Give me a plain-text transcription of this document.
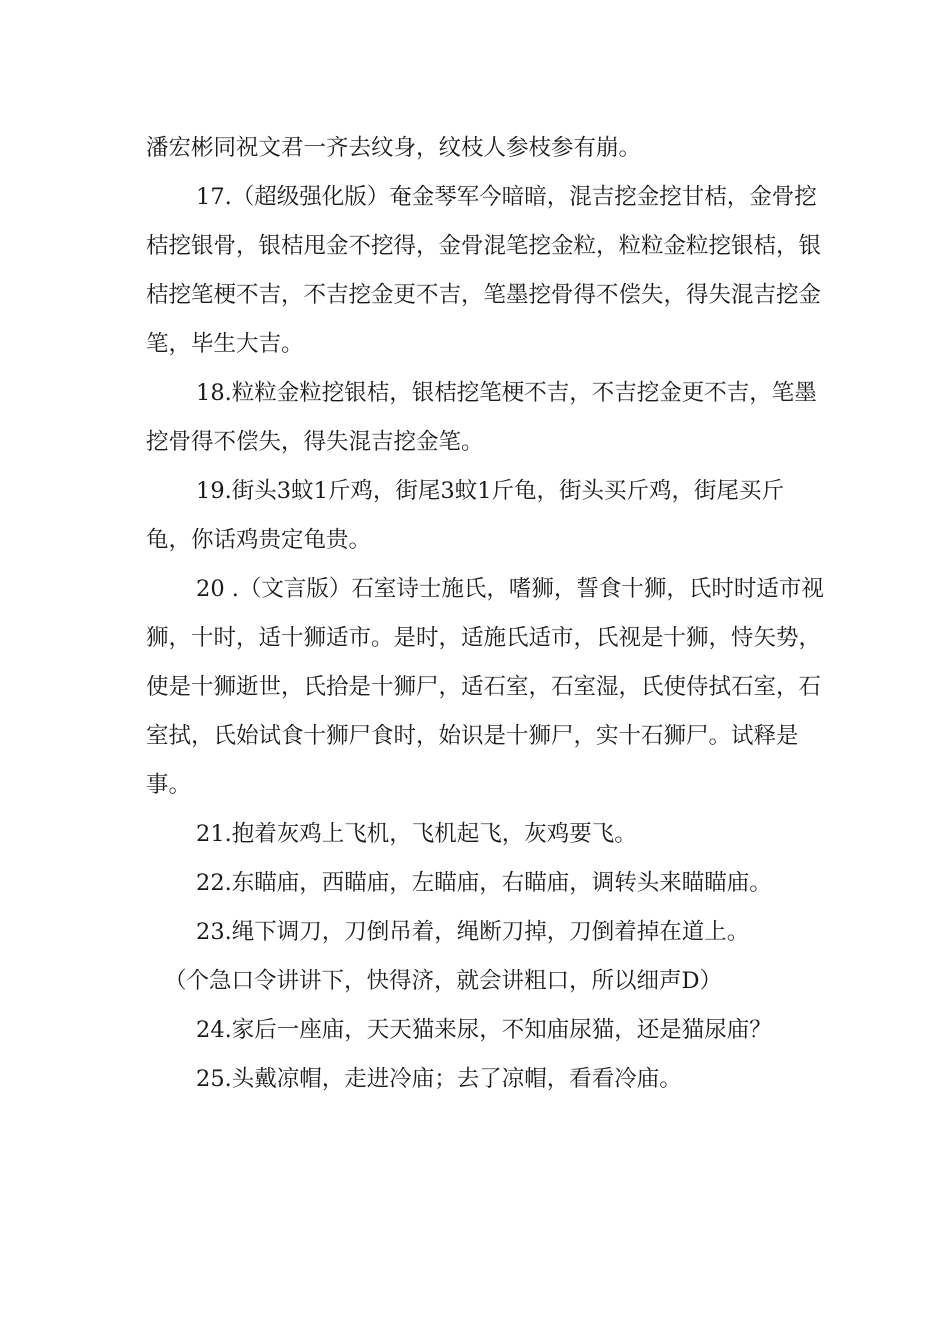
潘宏彬同祝文君一齐去纹身，纹枝人参枝参有崩。

17.（超级强化版）奄金琴军今暗暗，混吉挖金挖甘桔，金骨挖桔挖银骨，银桔甩金不挖得，金骨混笔挖金粒，粒粒金粒挖银桔，银桔挖笔梗不吉，不吉挖金更不吉，笔墨挖骨得不偿失，得失混吉挖金笔，毕生大吉。

18.粒粒金粒挖银桔，银桔挖笔梗不吉，不吉挖金更不吉，笔墨挖骨得不偿失，得失混吉挖金笔。

19.街头3蚊1斤鸡，街尾3蚊1斤龟，街头买斤鸡，街尾买斤龟，你话鸡贵定龟贵。

20 .（文言版）石室诗士施氏，嗜狮，誓食十狮，氏时时适市视狮，十时，适十狮适市。是时，适施氏适市，氏视是十狮，恃矢势，使是十狮逝世，氏拾是十狮尸，适石室，石室湿，氏使侍拭石室，石室拭，氏始试食十狮尸食时，始识是十狮尸，实十石狮尸。试释是事。

21.抱着灰鸡上飞机，飞机起飞，灰鸡要飞。

22.东瞄庙，西瞄庙，左瞄庙，右瞄庙，调转头来瞄瞄庙。

23.绳下调刀，刀倒吊着，绳断刀掉，刀倒着掉在道上。

（个急口令讲讲下，快得济，就会讲粗口，所以细声D）

24.家后一座庙，天天猫来尿，不知庙尿猫，还是猫尿庙？

25.头戴凉帽，走进冷庙；去了凉帽，看看冷庙。
